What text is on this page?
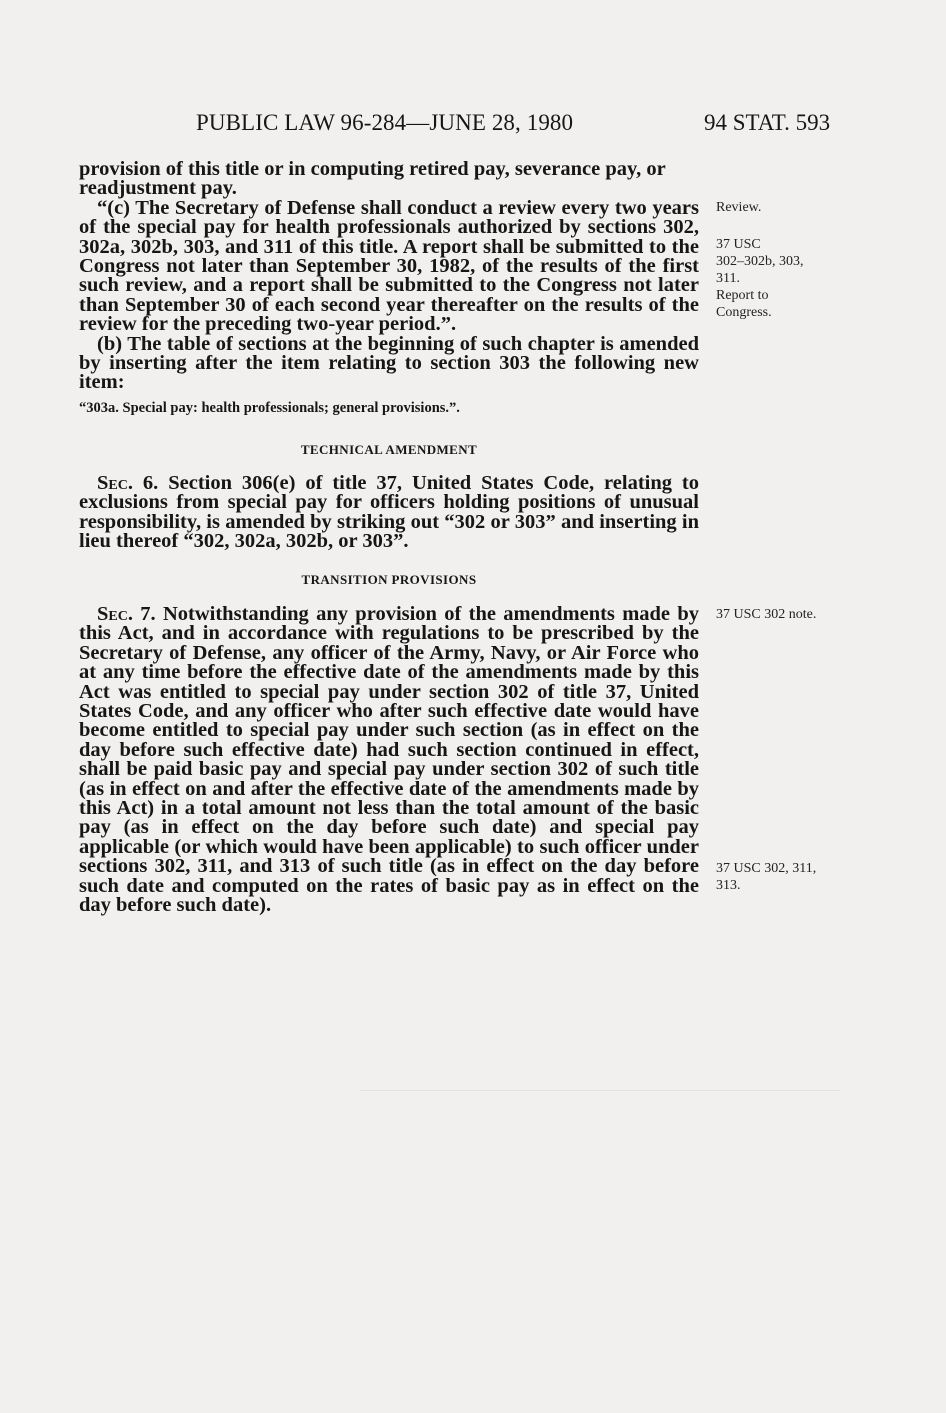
PUBLIC LAW 96-284—JUNE 28, 1980	94 STAT. 593

provision of this title or in computing retired pay, severance pay, or

readjustment pay.

“(c) The Secretary of Defense shall conduct a review every two years of the special pay for health professionals authorized by sections 302, 302a, 302b, 303, and 311 of this title. A report shall be submitted to the Congress not later than September 30, 1982, of the results of the first such review, and a report shall be submitted to the Congress not later than September 30 of each second year thereafter on the results of the review for the preceding two-year period.”.

(b) The table of sections at the beginning of such chapter is amended by inserting after the item relating to section 303 the following new item:

“303a. Special pay: health professionals; general provisions.”.
TECHNICAL AMENDMENT

Sec. 6. Section 306(e) of title 37, United States Code, relating to exclusions from special pay for officers holding positions of unusual responsibility, is amended by striking out “302 or 303” and inserting in lieu thereof “302, 302a, 302b, or 303”.

TRANSITION PROVISIONS

Sec. 7. Notwithstanding any provision of the amendments made by this Act, and in accordance with regulations to be prescribed by the Secretary of Defense, any officer of the Army, Navy, or Air Force who at any time before the effective date of the amendments made by this Act was entitled to special pay under section 302 of title 37, United States Code, and any officer who after such effective date would have become entitled to special pay under such section (as in effect on the day before such effective date) had such section continued in effect, shall be paid basic pay and special pay under section 302 of such title (as in effect on and after the effective date of the amendments made by this Act) in a total amount not less than the total amount of the basic pay (as in effect on the day before such date) and special pay applicable (or which would have been applicable) to such officer under sections 302, 311, and 313 of such title (as in effect on the day before such date and computed on the rates of basic pay as in effect on the day before such date).

Review.
37 USC
302–302b, 303,
311.
Report to
Congress.
37 USC 302 note.
37 USC 302, 311,
313.
